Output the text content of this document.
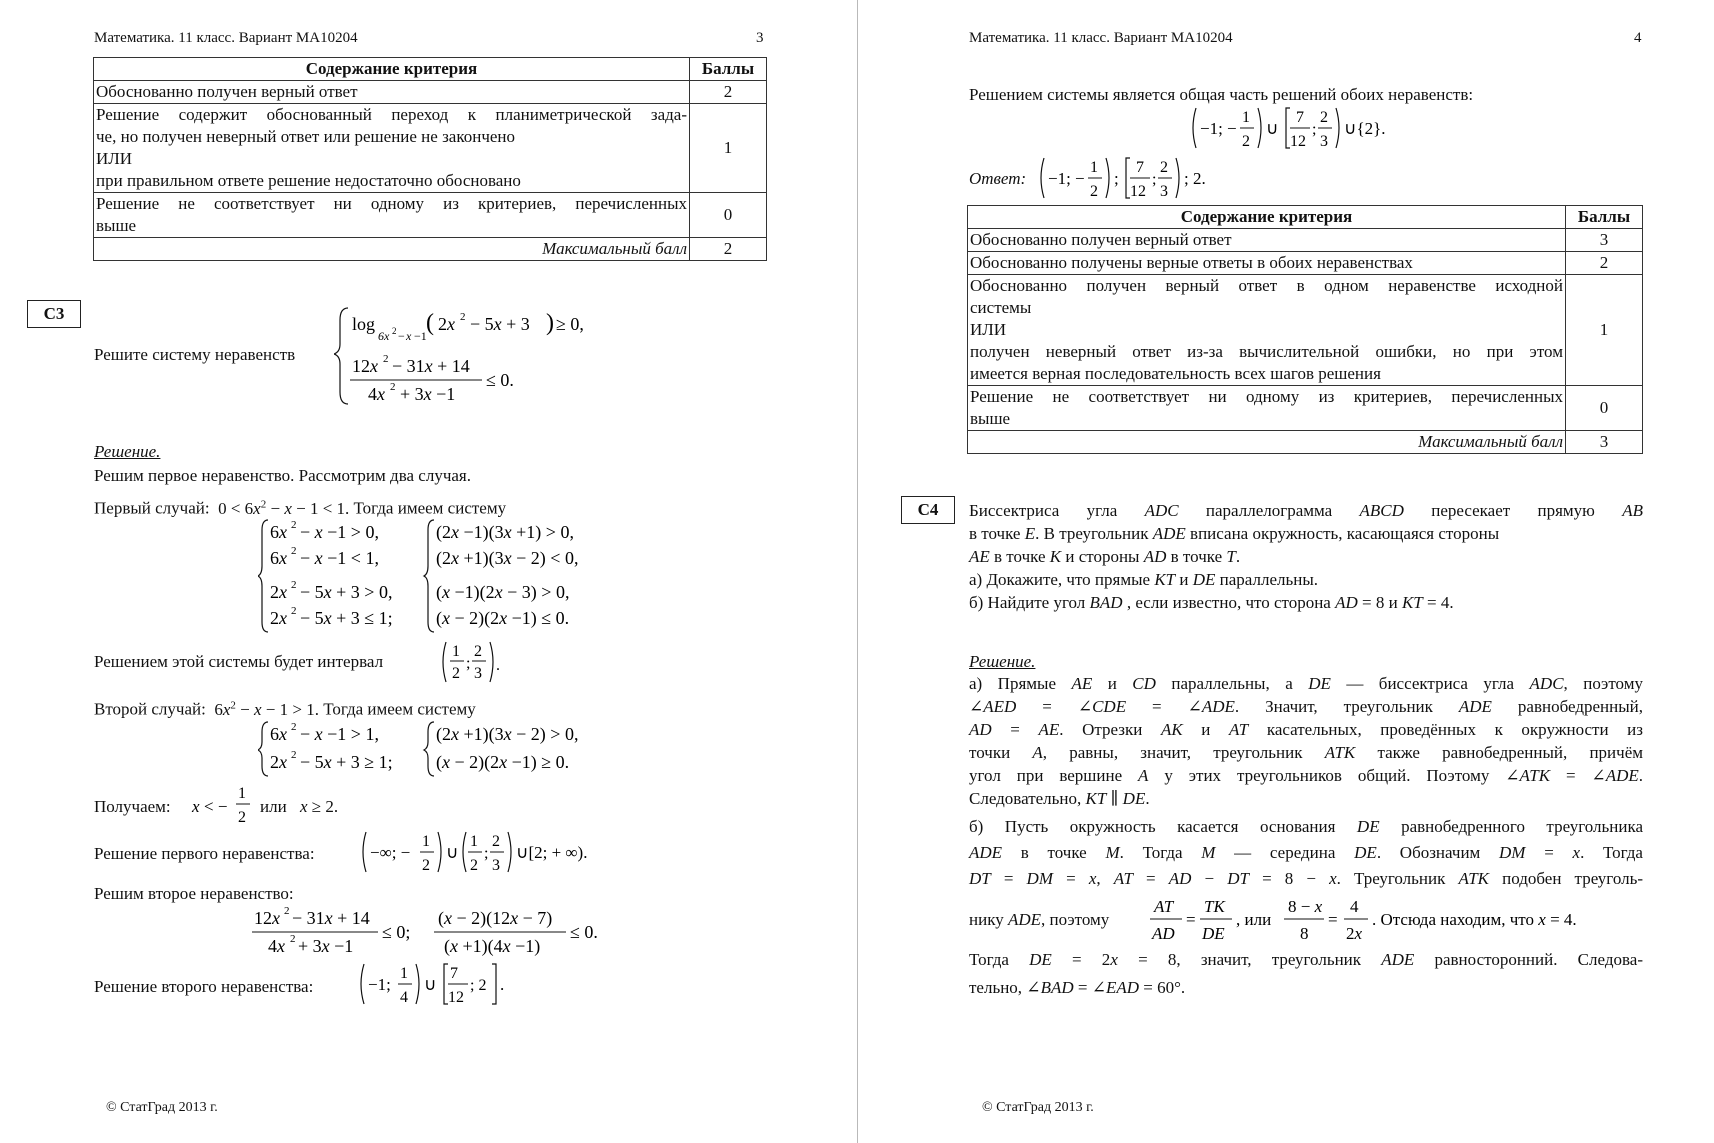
Математика. 11 класс. Вариант МА10204	3
Содержание критерия	Баллы
Обоснованно получен верный ответ	2

Решение содержит обоснованный переход к планиметрической зада-
че, но получен неверный ответ или решение не закончено
ИЛИ
при правильном ответе решение недостаточно обосновано	1

Решение не соответствует ни одному из критериев, перечисленных
выше	0
Максимальный балл	2
С3
Решите систему неравенств
log
6x 2 − x −1 ( 2x 2 − 5x + 3 ) ≥ 0,
12x 2 − 31x + 14
4x 2 + 3x −1
≤ 0.
Решение.
Решим первое неравенство. Рассмотрим два случая.
Первый случай:  $0 < 6x^2 - x - 1 < 1$. Тогда имеем систему
6x 2 − x −1 > 0,
6x 2 − x −1 < 1,
2x 2 − 5x + 3 > 0,
2x 2 − 5x + 3 ≤ 1;
(2x −1)(3x +1) > 0,
(2x +1)(3x − 2) < 0,
(x −1)(2x − 3) > 0,
(x − 2)(2x −1) ≤ 0.
Решением этой системы будет интервал
1
2
;
2
3 .
Второй случай:  $6x^2 - x - 1 > 1$. Тогда имеем систему
6x 2 − x −1 > 1,
2x 2 − 5x + 3 ≥ 1;
(2x +1)(3x − 2) > 0,
(x − 2)(2x −1) ≥ 0.
Получаем: x < −
1
2
или x ≥ 2.
Решение первого неравенства:	−∞; −
1
2
∪
1
2
;
2
3
∪[2; + ∞).
Решим второе неравенство:
12x 2 − 31x + 14
4x 2 + 3x −1
≤ 0;
(x − 2)(12x − 7)
(x +1)(4x −1)
≤ 0.
Решение второго неравенства:	−1;
1
4
∪
7
12
; 2 .
© СтатГрад 2013 г.
Математика. 11 класс. Вариант МА10204	4
Решением системы является общая часть решений обоих неравенств:
−1; −
1
2
∪
7
12
;
2
3
∪{2}.
Ответ: −1; −
1
2
;
7
12
;
2
3
; 2.
Содержание критерия	Баллы
Обоснованно получен верный ответ	3
Обоснованно получены верные ответы в обоих неравенствах	2

Обоснованно получен верный ответ в одном неравенстве исходной
системы
ИЛИ
получен неверный ответ из-за вычислительной ошибки, но при этом
имеется верная последовательность всех шагов решения	1

Решение не соответствует ни одному из критериев, перечисленных
выше	0
Максимальный балл	3
С4	Биссектриса угла ADC параллелограмма ABCD пересекает прямую AB
в точке E. В треугольник ADE вписана окружность, касающаяся стороны
AE в точке K и стороны AD в точке T.
а) Докажите, что прямые KT и DE параллельны.
б) Найдите угол BAD , если известно, что сторона AD = 8 и KT = 4.
Решение.
а) Прямые AE и CD параллельны, а DE — биссектриса угла ADC, поэтому
∠AED = ∠CDE = ∠ADE. Значит, треугольник ADE равнобедренный,
AD = AE. Отрезки AK и AT касательных, проведённых к окружности из
точки A, равны, значит, треугольник ATK также равнобедренный, причём
угол при вершине A у этих треугольников общий. Поэтому ∠ATK = ∠ADE.
Следовательно, KT ∥ DE.
б) Пусть окружность касается основания DE равнобедренного треугольника
ADE в точке M. Тогда M — середина DE. Обозначим DM = x. Тогда
DT = DM = x, AT = AD − DT = 8 − x. Треугольник ATK подобен треуголь-
нику ADE, поэтому
AT
AD
=
TK
DE
, или
8 − x
8
=
4
2x
. Отсюда находим, что x = 4.
Тогда DE = 2x = 8, значит, треугольник ADE равносторонний. Следова-
тельно, ∠BAD = ∠EAD = 60°.
© СтатГрад 2013 г.
